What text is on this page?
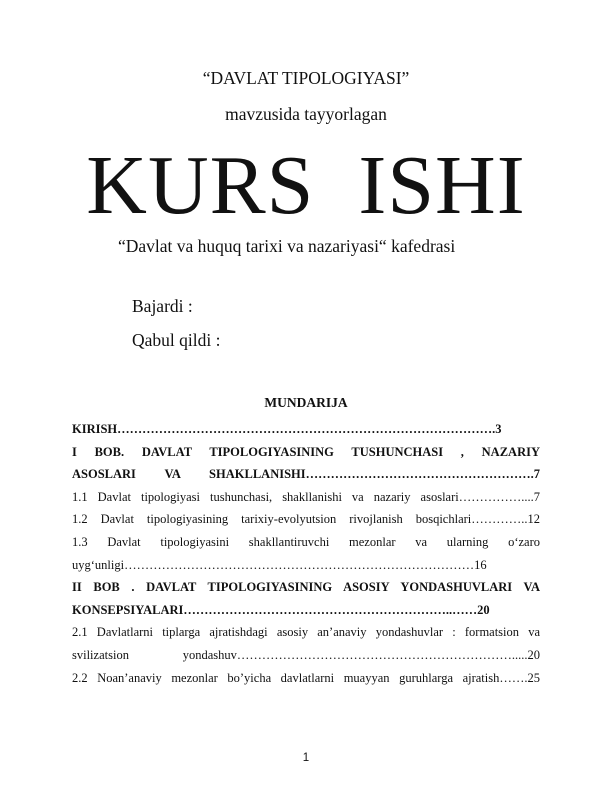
“DAVLAT TIPOLOGIYASI”
mavzusida tayyorlagan
KURS  ISHI
“Davlat va huquq tarixi va nazariyasi“ kafedrasi
Bajardi :
Qabul qildi :
MUNDARIJA
KIRISH……………………………………………………………………………….3
I BOB. DAVLAT TIPOLOGIYASINING TUSHUNCHASI , NAZARIY
ASOSLARI VA SHAKLLANISHI……………………………………………….7
1.1 Davlat tipologiyasi tushunchasi, shakllanishi va nazariy asoslari……………....7
1.2 Davlat tipologiyasining tarixiy-evolyutsion rivojlanish bosqichlari…………..12
1.3 Davlat tipologiyasini shakllantiruvchi mezonlar va ularning o‘zaro
uyg‘unligi…………………………………………………………………………16
II BOB . DAVLAT TIPOLOGIYASINING ASOSIY YONDASHUVLARI VA
KONSEPSIYALARI………………………………………………………..……20
2.1 Davlatlarni tiplarga ajratishdagi asosiy an’anaviy yondashuvlar : formatsion va
svilizatsion yondashuv………………………………………………………….....20
2.2 Noan’anaviy mezonlar bo’yicha davlatlarni muayyan guruhlarga ajratish…….25
1
